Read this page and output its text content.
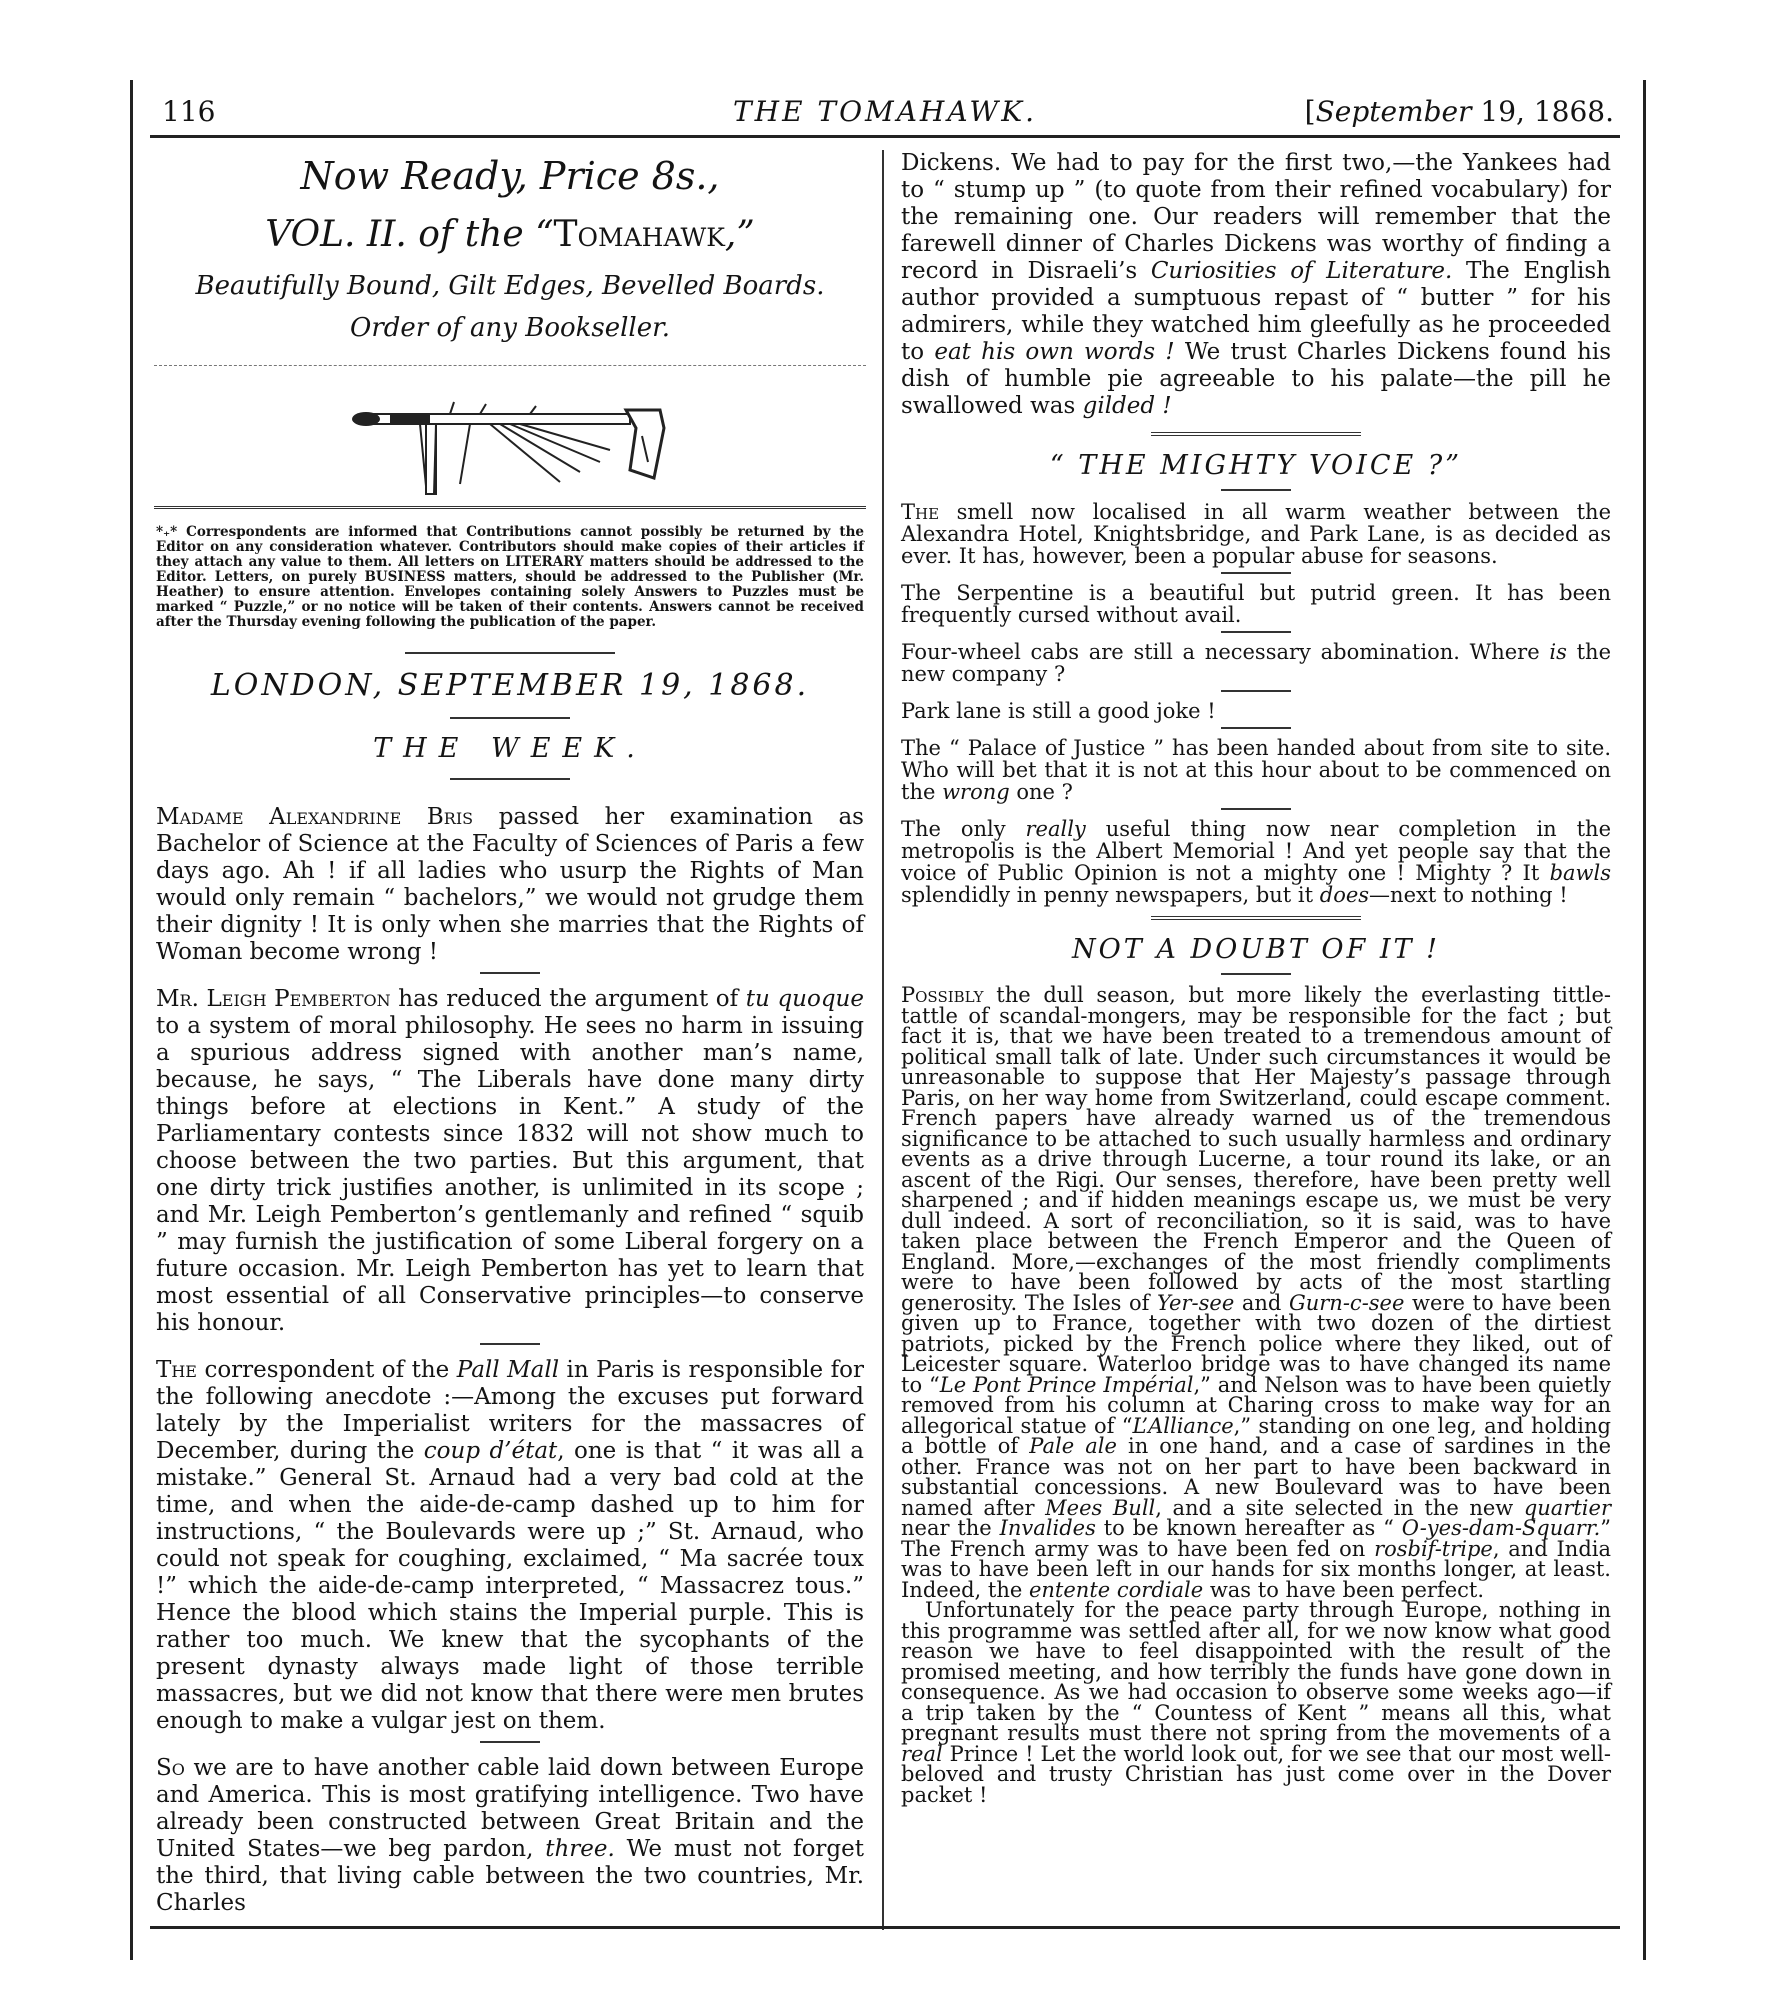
116	THE TOMAHAWK.	[September 19, 1868.
Now Ready, Price 8s.,
VOL. II. of the “Tomahawk,”
Beautifully Bound, Gilt Edges, Bevelled Boards.
Order of any Bookseller.
*₊* Correspondents are informed that Contributions cannot possibly be returned by the Editor on any consideration whatever. Contributors should make copies of their articles if they attach any value to them. All letters on LITERARY matters should be addressed to the Editor. Letters, on purely BUSINESS matters, should be addressed to the Publisher (Mr. Heather) to ensure attention. Envelopes containing solely Answers to Puzzles must be marked “ Puzzle,” or no notice will be taken of their contents. Answers cannot be received after the Thursday evening following the publication of the paper.
LONDON, SEPTEMBER 19, 1868.
THE WEEK.
Madame Alexandrine Bris passed her examination as Bachelor of Science at the Faculty of Sciences of Paris a few days ago. Ah ! if all ladies who usurp the Rights of Man would only remain “ bachelors,” we would not grudge them their dignity ! It is only when she marries that the Rights of Woman become wrong !
Mr. Leigh Pemberton has reduced the argument of tu quoque to a system of moral philosophy. He sees no harm in issuing a spurious address signed with another man’s name, because, he says, “ The Liberals have done many dirty things before at elections in Kent.” A study of the Parliamentary contests since 1832 will not show much to choose between the two parties. But this argument, that one dirty trick justifies another, is unlimited in its scope ; and Mr. Leigh Pemberton’s gentlemanly and refined “ squib ” may furnish the justification of some Liberal forgery on a future occasion. Mr. Leigh Pemberton has yet to learn that most essential of all Conservative principles—to conserve his honour.
The correspondent of the Pall Mall in Paris is responsible for the following anecdote :—Among the excuses put forward lately by the Imperialist writers for the massacres of December, during the coup d’état, one is that “ it was all a mistake.” General St. Arnaud had a very bad cold at the time, and when the aide-de-camp dashed up to him for instructions, “ the Boulevards were up ;” St. Arnaud, who could not speak for coughing, exclaimed, “ Ma sacrée toux !” which the aide-de-camp interpreted, “ Massacrez tous.” Hence the blood which stains the Imperial purple. This is rather too much. We knew that the sycophants of the present dynasty always made light of those terrible massacres, but we did not know that there were men brutes enough to make a vulgar jest on them.
So we are to have another cable laid down between Europe and America. This is most gratifying intelligence. Two have already been constructed between Great Britain and the United States—we beg pardon, three. We must not forget the third, that living cable between the two countries, Mr. Charles
Dickens. We had to pay for the first two,—the Yankees had to “ stump up ” (to quote from their refined vocabulary) for the remaining one. Our readers will remember that the farewell dinner of Charles Dickens was worthy of finding a record in Disraeli’s Curiosities of Literature. The English author provided a sumptuous repast of “ butter ” for his admirers, while they watched him gleefully as he proceeded to eat his own words ! We trust Charles Dickens found his dish of humble pie agreeable to his palate—the pill he swallowed was gilded !
“ THE MIGHTY VOICE ?”
The smell now localised in all warm weather between the Alexandra Hotel, Knightsbridge, and Park Lane, is as decided as ever. It has, however, been a popular abuse for seasons.
The Serpentine is a beautiful but putrid green. It has been frequently cursed without avail.
Four-wheel cabs are still a necessary abomination. Where is the new company ?
Park lane is still a good joke !
The “ Palace of Justice ” has been handed about from site to site. Who will bet that it is not at this hour about to be commenced on the wrong one ?
The only really useful thing now near completion in the metropolis is the Albert Memorial ! And yet people say that the voice of Public Opinion is not a mighty one ! Mighty ? It bawls splendidly in penny newspapers, but it does—next to nothing !
NOT A DOUBT OF IT !
Possibly the dull season, but more likely the everlasting tittle-tattle of scandal-mongers, may be responsible for the fact ; but fact it is, that we have been treated to a tremendous amount of political small talk of late. Under such circumstances it would be unreasonable to suppose that Her Majesty’s passage through Paris, on her way home from Switzerland, could escape comment. French papers have already warned us of the tremendous significance to be attached to such usually harmless and ordinary events as a drive through Lucerne, a tour round its lake, or an ascent of the Rigi. Our senses, therefore, have been pretty well sharpened ; and if hidden meanings escape us, we must be very dull indeed. A sort of reconciliation, so it is said, was to have taken place between the French Emperor and the Queen of England. More,—exchanges of the most friendly compliments were to have been followed by acts of the most startling generosity. The Isles of Yer-see and Gurn-c-see were to have been given up to France, together with two dozen of the dirtiest patriots, picked by the French police where they liked, out of Leicester square. Waterloo bridge was to have changed its name to “Le Pont Prince Impérial,” and Nelson was to have been quietly removed from his column at Charing cross to make way for an allegorical statue of “L’Alliance,” standing on one leg, and holding a bottle of Pale ale in one hand, and a case of sardines in the other. France was not on her part to have been backward in substantial concessions. A new Boulevard was to have been named after Mees Bull, and a site selected in the new quartier near the Invalides to be known hereafter as “ O-yes-dam-Squarr.” The French army was to have been fed on rosbif-tripe, and India was to have been left in our hands for six months longer, at least. Indeed, the entente cordiale was to have been perfect.
Unfortunately for the peace party through Europe, nothing in this programme was settled after all, for we now know what good reason we have to feel disappointed with the result of the promised meeting, and how terribly the funds have gone down in consequence. As we had occasion to observe some weeks ago—if a trip taken by the “ Countess of Kent ” means all this, what pregnant results must there not spring from the movements of a real Prince ! Let the world look out, for we see that our most well-beloved and trusty Christian has just come over in the Dover packet !
